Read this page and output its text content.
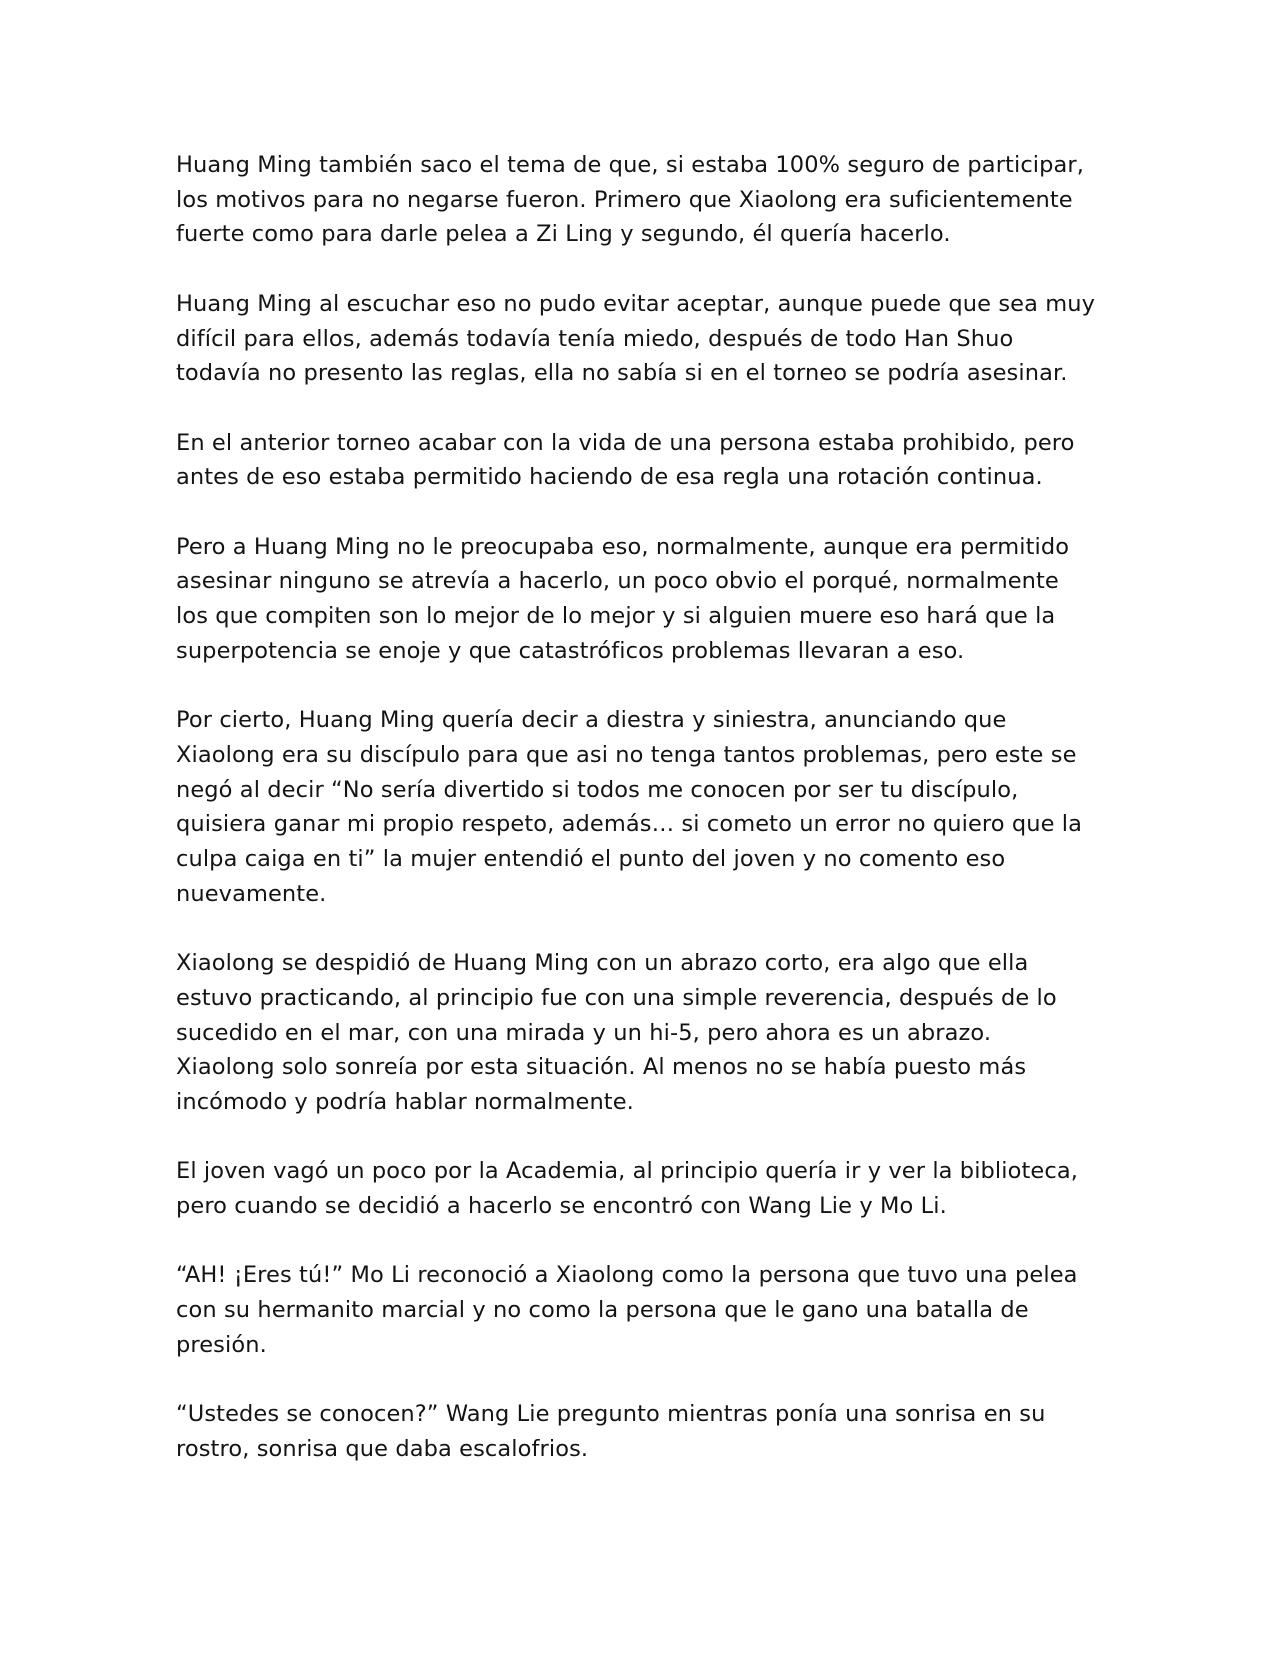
Huang Ming también saco el tema de que, si estaba 100% seguro de participar, los motivos para no negarse fueron. Primero que Xiaolong era suficientemente fuerte como para darle pelea a Zi Ling y segundo, él quería hacerlo.

Huang Ming al escuchar eso no pudo evitar aceptar, aunque puede que sea muy difícil para ellos, además todavía tenía miedo, después de todo Han Shuo todavía no presento las reglas, ella no sabía si en el torneo se podría asesinar.

En el anterior torneo acabar con la vida de una persona estaba prohibido, pero antes de eso estaba permitido haciendo de esa regla una rotación continua.

Pero a Huang Ming no le preocupaba eso, normalmente, aunque era permitido asesinar ninguno se atrevía a hacerlo, un poco obvio el porqué, normalmente los que compiten son lo mejor de lo mejor y si alguien muere eso hará que la superpotencia se enoje y que catastróficos problemas llevaran a eso.

Por cierto, Huang Ming quería decir a diestra y siniestra, anunciando que Xiaolong era su discípulo para que asi no tenga tantos problemas, pero este se negó al decir “No sería divertido si todos me conocen por ser tu discípulo, quisiera ganar mi propio respeto, además… si cometo un error no quiero que la culpa caiga en ti” la mujer entendió el punto del joven y no comento eso nuevamente.

Xiaolong se despidió de Huang Ming con un abrazo corto, era algo que ella estuvo practicando, al principio fue con una simple reverencia, después de lo sucedido en el mar, con una mirada y un hi-5, pero ahora es un abrazo. Xiaolong solo sonreía por esta situación. Al menos no se había puesto más incómodo y podría hablar normalmente.

El joven vagó un poco por la Academia, al principio quería ir y ver la biblioteca, pero cuando se decidió a hacerlo se encontró con Wang Lie y Mo Li.

“AH! ¡Eres tú!” Mo Li reconoció a Xiaolong como la persona que tuvo una pelea con su hermanito marcial y no como la persona que le gano una batalla de presión.

“Ustedes se conocen?” Wang Lie pregunto mientras ponía una sonrisa en su rostro, sonrisa que daba escalofrios.
